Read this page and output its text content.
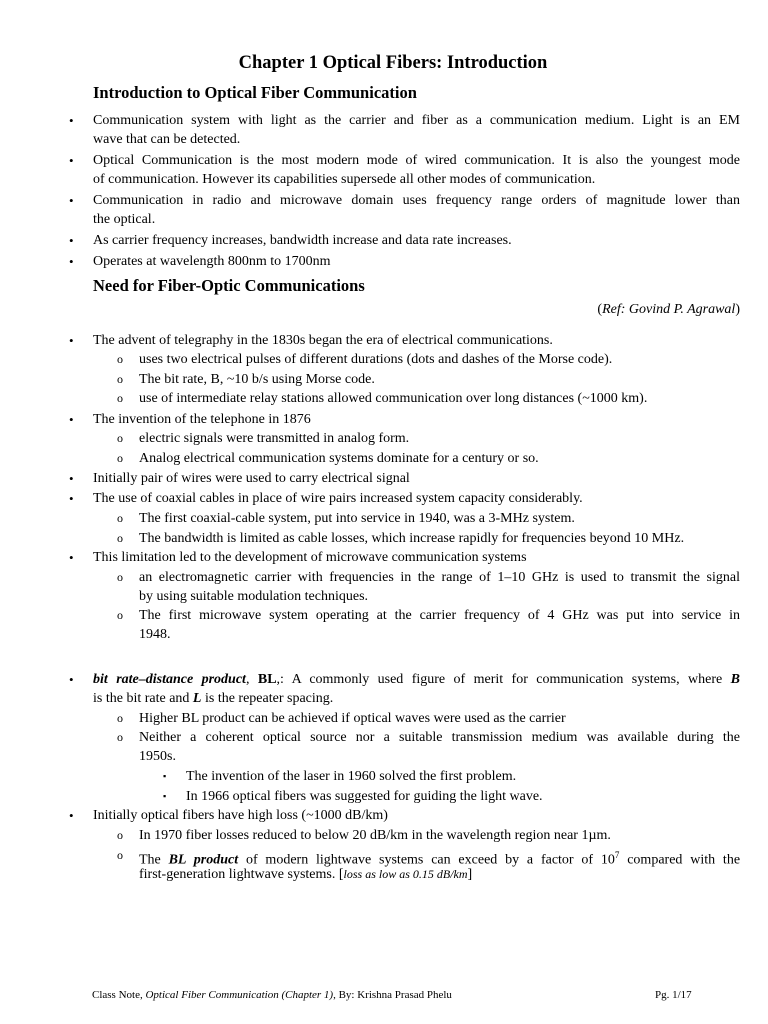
Chapter 1 Optical Fibers: Introduction
Introduction to Optical Fiber Communication
• Communication system with light as the carrier and fiber as a communication medium. Light is an EM
wave that can be detected.
• Optical Communication is the most modern mode of wired communication. It is also the youngest mode
of communication. However its capabilities supersede all other modes of communication.
• Communication in radio and microwave domain uses frequency range orders of magnitude lower than
the optical.
• As carrier frequency increases, bandwidth increase and data rate increases.
• Operates at wavelength 800nm to 1700nm
Need for Fiber-Optic Communications
(Ref: Govind P. Agrawal)
• The advent of telegraphy in the 1830s began the era of electrical communications.
o uses two electrical pulses of different durations (dots and dashes of the Morse code).
o The bit rate, B, ~10 b/s using Morse code.
o use of intermediate relay stations allowed communication over long distances (~1000 km).
• The invention of the telephone in 1876
o electric signals were transmitted in analog form.
o Analog electrical communication systems dominate for a century or so.
• Initially pair of wires were used to carry electrical signal
• The use of coaxial cables in place of wire pairs increased system capacity considerably.
o The first coaxial-cable system, put into service in 1940, was a 3-MHz system.
o The bandwidth is limited as cable losses, which increase rapidly for frequencies beyond 10 MHz.
• This limitation led to the development of microwave communication systems
o an electromagnetic carrier with frequencies in the range of 1–10 GHz is used to transmit the signal
by using suitable modulation techniques.
o The first microwave system operating at the carrier frequency of 4 GHz was put into service in
1948.
• bit rate–distance product, BL,: A commonly used figure of merit for communication systems, where B
is the bit rate and L is the repeater spacing.
o Higher BL product can be achieved if optical waves were used as the carrier
o Neither a coherent optical source nor a suitable transmission medium was available during the
1950s.
▪ The invention of the laser in 1960 solved the first problem.
▪ In 1966 optical fibers was suggested for guiding the light wave.
• Initially optical fibers have high loss (~1000 dB/km)
o In 1970 fiber losses reduced to below 20 dB/km in the wavelength region near 1µm.
o The BL product of modern lightwave systems can exceed by a factor of $10^7$ compared with the
first-generation lightwave systems. [loss as low as 0.15 dB/km]
Class Note, Optical Fiber Communication (Chapter 1), By: Krishna Prasad Phelu	Pg. 1/17
